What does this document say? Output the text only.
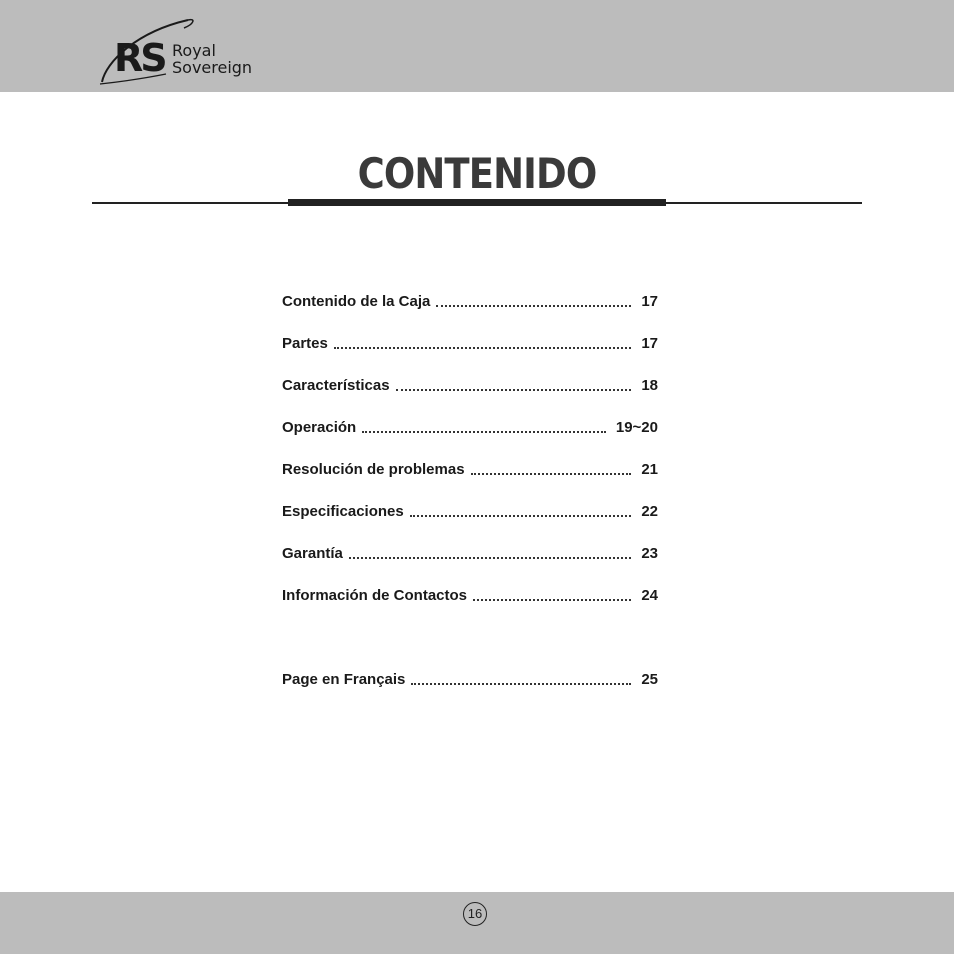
RS Royal
Sovereign
CONTENIDO
Contenido de la Caja	17
Partes	17
Características	18
Operación	19~20
Resolución de problemas	21
Especificaciones	22
Garantía	23
Información de Contactos	24
Page en Français	25
16
